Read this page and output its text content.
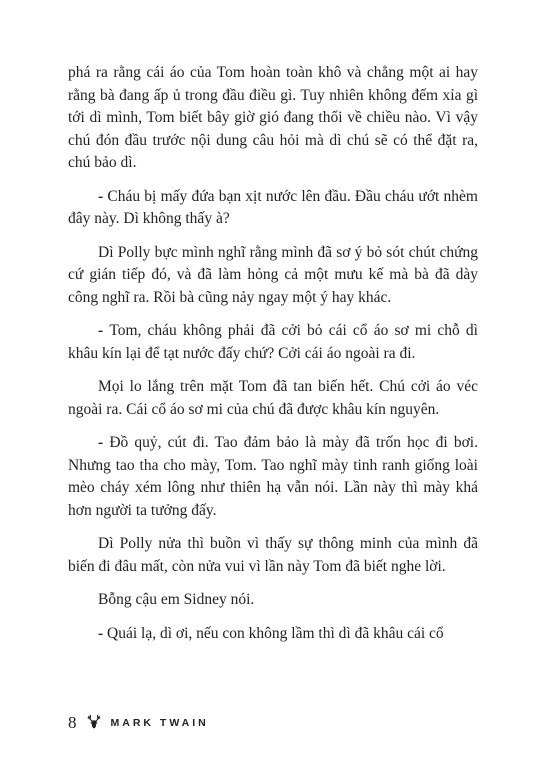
phá ra rằng cái áo của Tom hoàn toàn khô và chẳng một ai hay rằng bà đang ấp ủ trong đầu điều gì. Tuy nhiên không đếm xỉa gì tới dì mình, Tom biết bây giờ gió đang thổi về chiều nào. Vì vậy chú đón đầu trước nội dung câu hỏi mà dì chú sẽ có thể đặt ra, chú bảo dì.

- Cháu bị mấy đứa bạn xịt nước lên đầu. Đầu cháu ướt nhèm đây này. Dì không thấy à?

Dì Polly bực mình nghĩ rằng mình đã sơ ý bỏ sót chút chứng cứ gián tiếp đó, và đã làm hỏng cả một mưu kế mà bà đã dày công nghĩ ra. Rồi bà cũng nảy ngay một ý hay khác.

- Tom, cháu không phải đã cởi bỏ cái cổ áo sơ mi chỗ dì khâu kín lại để tạt nước đấy chứ? Cởi cái áo ngoài ra đi.

Mọi lo lắng trên mặt Tom đã tan biến hết. Chú cởi áo véc ngoài ra. Cái cổ áo sơ mi của chú đã được khâu kín nguyên.

- Đồ quỷ, cút đi. Tao đảm bảo là mày đã trốn học đi bơi. Nhưng tao tha cho mày, Tom. Tao nghĩ mày tinh ranh giống loài mèo cháy xém lông như thiên hạ vẫn nói. Lần này thì mày khá hơn người ta tưởng đấy.

Dì Polly nửa thì buồn vì thấy sự thông minh của mình đã biến đi đâu mất, còn nửa vui vì lần này Tom đã biết nghe lời.

Bỗng cậu em Sidney nói.

- Quái lạ, dì ơi, nếu con không lầm thì dì đã khâu cái cổ

8	MARK TWAIN
